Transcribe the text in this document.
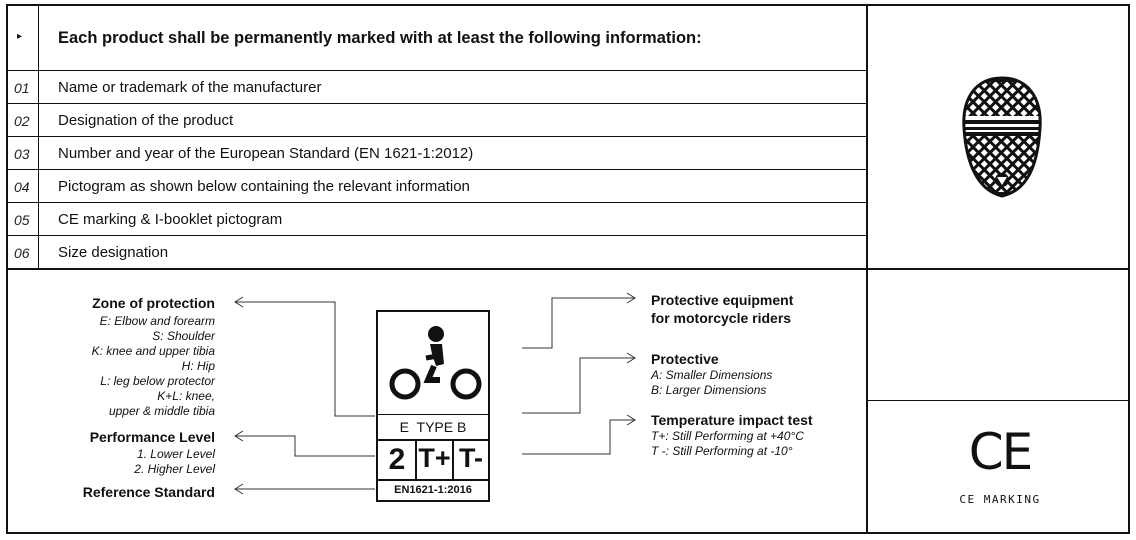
▸ Each product shall be permanently marked with at least the following information:
01 Name or trademark of the manufacturer
02 Designation of the product
03 Number and year of the European Standard (EN 1621-1:2012)
04 Pictogram as shown below containing the relevant information
05 CE marking & I-booklet pictogram
06 Size designation
Zone of protection
E: Elbow and forearm
S: Shoulder
K: knee and upper tibia
H: Hip
L: leg below protector
K+L: knee,
upper & middle tibia
Performance Level
1. Lower Level
2. Higher Level
Reference Standard
E  TYPE B
2 T+ T-
EN1621-1:2016
Protective equipment
for motorcycle riders
Protective
A: Smaller Dimensions
B: Larger Dimensions
Temperature impact test
T+: Still Performing at +40°C
T -: Still Performing at -10°	CE
CE MARKING
